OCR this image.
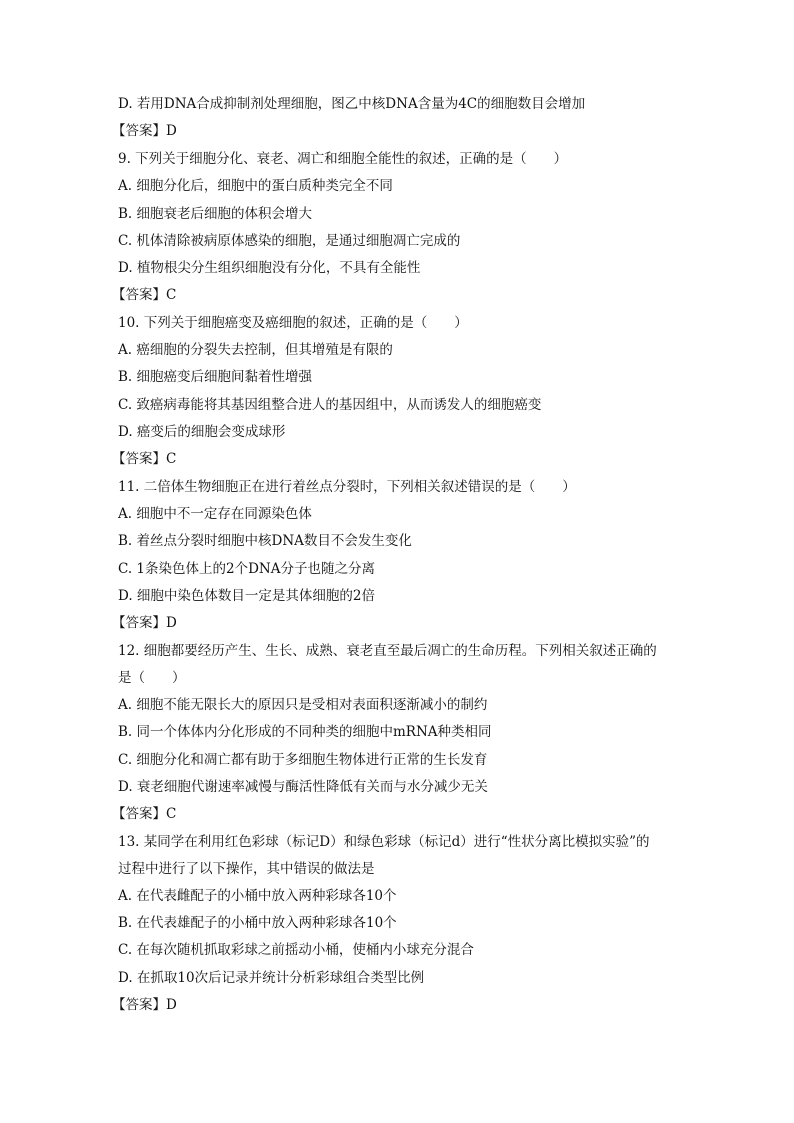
D. 若用DNA合成抑制剂处理细胞，图乙中核DNA含量为4C的细胞数目会增加
【答案】D
9. 下列关于细胞分化、衰老、凋亡和细胞全能性的叙述，正确的是（　　）
A. 细胞分化后，细胞中的蛋白质种类完全不同
B. 细胞衰老后细胞的体积会增大
C. 机体清除被病原体感染的细胞，是通过细胞凋亡完成的
D. 植物根尖分生组织细胞没有分化，不具有全能性
【答案】C
10. 下列关于细胞癌变及癌细胞的叙述，正确的是（　　）
A. 癌细胞的分裂失去控制，但其增殖是有限的
B. 细胞癌变后细胞间黏着性增强
C. 致癌病毒能将其基因组整合进人的基因组中，从而诱发人的细胞癌变
D. 癌变后的细胞会变成球形
【答案】C
11. 二倍体生物细胞正在进行着丝点分裂时，下列相关叙述错误的是（　　）
A. 细胞中不一定存在同源染色体
B. 着丝点分裂时细胞中核DNA数目不会发生变化
C. 1条染色体上的2个DNA分子也随之分离
D. 细胞中染色体数目一定是其体细胞的2倍
【答案】D
12. 细胞都要经历产生、生长、成熟、衰老直至最后凋亡的生命历程。下列相关叙述正确的
是（　　）
A. 细胞不能无限长大的原因只是受相对表面积逐渐减小的制约
B. 同一个体体内分化形成的不同种类的细胞中mRNA种类相同
C. 细胞分化和凋亡都有助于多细胞生物体进行正常的生长发育
D. 衰老细胞代谢速率减慢与酶活性降低有关而与水分减少无关
【答案】C
13. 某同学在利用红色彩球（标记D）和绿色彩球（标记d）进行“性状分离比模拟实验”的
过程中进行了以下操作，其中错误的做法是
A. 在代表雌配子的小桶中放入两种彩球各10个
B. 在代表雄配子的小桶中放入两种彩球各10个
C. 在每次随机抓取彩球之前摇动小桶，使桶内小球充分混合
D. 在抓取10次后记录并统计分析彩球组合类型比例
【答案】D
